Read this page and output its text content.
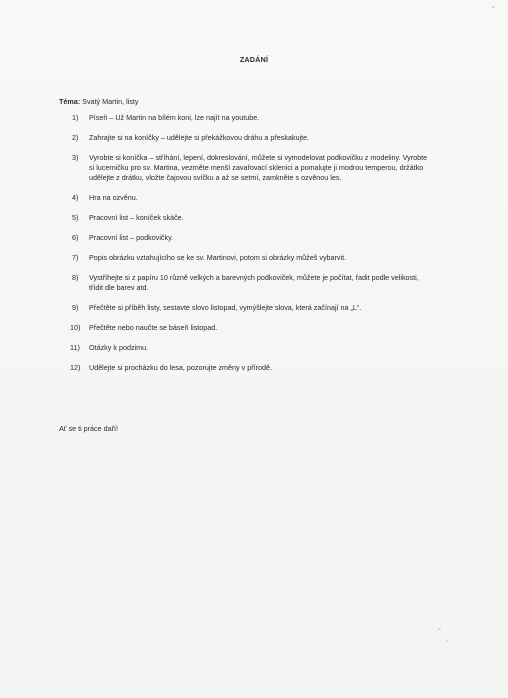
ZADÁNÍ
Téma: Svatý Martin, listy
1)	Píseň – Už Martin na bílém koni, lze najít na youtube.
2)	Zahrajte si na koníčky – udělejte si překážkovou dráhu a přeskakujte.
3)	Vyrobte si koníčka – stříhání, lepení, dokreslování, můžete si vymodelovat podkovičku z modeliny. Vyrobte si lucerničku pro sv. Martina, vezměte menší zavařovací sklenici a pomalujte ji modrou temperou, držátko udělejte z drátku, vložte čajovou svíčku a až se setmí, zamkněte s ozvěnou les.
4)	Hra na ozvěnu.
5)	Pracovní list – koníček skáče.
6)	Pracovní list – podkovičky.
7)	Popis obrázku vztahujícího se ke sv. Martinovi, potom si obrázky můžeš vybarvit.
8)	Vystříhejte si z papíru 10 různě velkých a barevných podkoviček, můžete je počítat, řadit podle velikosti, třídit dle barev atd.
9)	Přečtěte si příběh listy, sestavte slovo listopad, vymýšlejte slova, která začínají na „L“.
10)	Přečtěte nebo naučte se báseň listopad.
11)	Otázky k podzimu.
12)	Udělejte si procházku do lesa, pozorujte změny v přírodě.
Ať se ti práce daří!
